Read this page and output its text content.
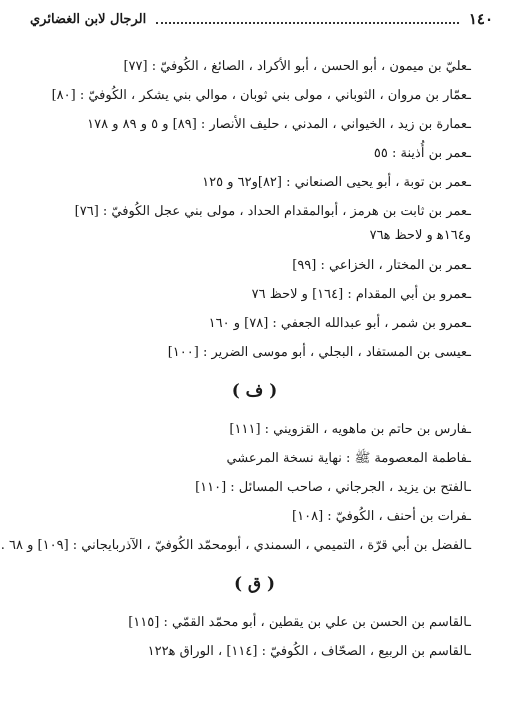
١٤٠
الرجال لابن الغضائري
ـعليّ بن ميمون ، أبو الحسن ، أبو الأكراد ، الصائغ ، الكُوفيّ : [٧٧]
ـعمّار بن مروان ، الثوباني ، مولى بني ثوبان ، موالي بني يشكر ، الكُوفيّ : [٨٠]
ـعمارة بن زيد ، الخيواني ، المدني ، حليف الأنصار : [٨٩] و ٥ و ٨٩ و ١٧٨
ـعمر بن أُذينة : ٥٥
ـعمر بن توبة ، أبو يحيى الصنعاني : [٨٢]و٦٢ و ١٢٥
ـعمر بن ثابت بن هرمز ، أبوالمقدام الحداد ، مولى بني عجل الكُوفيّ : [٧٦] و١٦٤ﻫ و لاحظ ﻫ٧٦
ـعمر بن المختار ، الخزاعي : [٩٩]
ـعمرو بن أبي المقدام : [١٦٤] و لاحظ ٧٦
ـعمرو بن شمر ، أبو عبدالله الجعفي : [٧٨] و ١٦٠
ـعيسى بن المستفاد ، البجلي ، أبو موسى الضرير : [١٠٠]
( ف )
ـفارس بن حاتم بن ماهويه ، القزويني : [١١١]
ـفاطمة المعصومة ﷺ : نهاية نسخة المرعشي
ـالفتح بن يزيد ، الجرجاني ، صاحب المسائل : [١١٠]
ـفرات بن أحنف ، الكُوفيّ : [١٠٨]
ـالفضل بن أبي قرّة ، التميمي ، السمندي ، أبومحمّد الكُوفيّ ، الآذربايجاني : [١٠٩] و ٦٨ .
( ق )
ـالقاسم بن الحسن بن علي بن يقطين ، أبو محمّد القمّي : [١١٥]
ـالقاسم بن الربيع ، الصحّاف ، الكُوفيّ : [١١٤] ، الوراق ﻫ١٢٢
